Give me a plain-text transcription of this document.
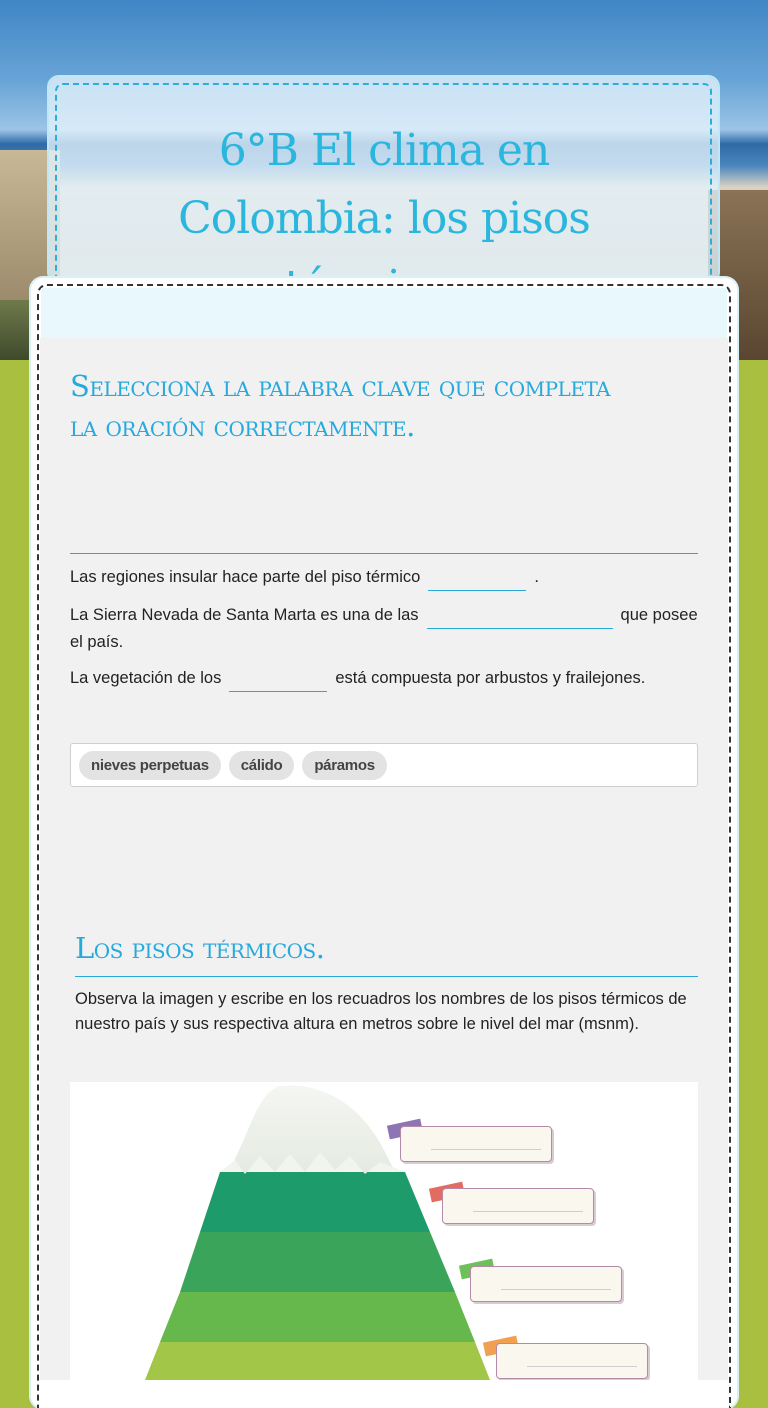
6°B El clima en Colombia: los pisos
Selecciona la palabra clave que completa la oración correctamente.
Las regiones insular hace parte del piso térmico	.
La Sierra Nevada de Santa Marta es una de las	que posee el país.
La vegetación de los	está compuesta por arbustos y frailejones.
nieves perpetuas	cálido	páramos
Los pisos térmicos.
Observa la imagen y escribe en los recuadros los nombres de los pisos térmicos de nuestro país y sus respectiva altura en metros sobre le nivel del mar (msnm).
